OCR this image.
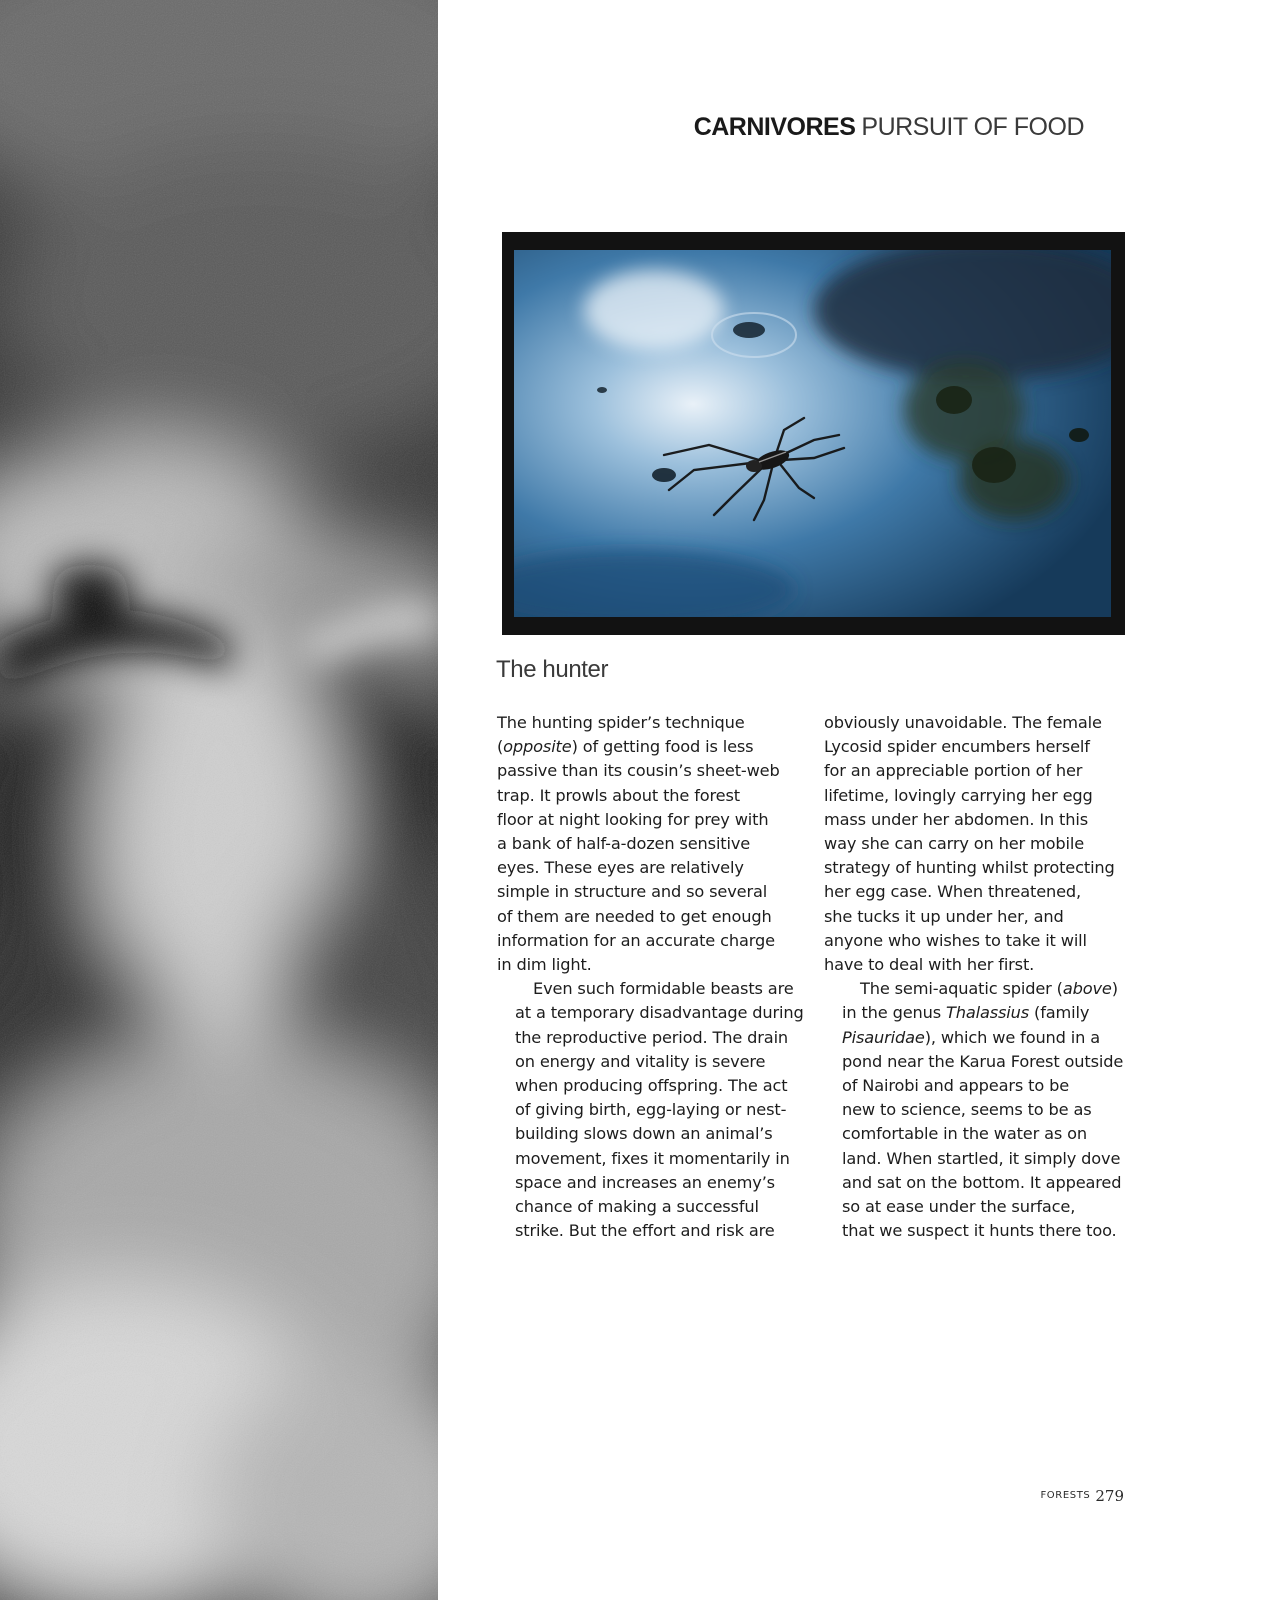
CARNIVORES PURSUIT OF FOOD
The hunter

The hunting spider’s technique
(opposite) of getting food is less
passive than its cousin’s sheet-web
trap. It prowls about the forest
floor at night looking for prey with
a bank of half-a-dozen sensitive
eyes. These eyes are relatively
simple in structure and so several
of them are needed to get enough
information for an accurate charge
in dim light.

Even such formidable beasts are
at a temporary disadvantage during
the reproductive period. The drain
on energy and vitality is severe
when producing offspring. The act
of giving birth, egg-laying or nest-
building slows down an animal’s
movement, fixes it momentarily in
space and increases an enemy’s
chance of making a successful
strike. But the effort and risk are

obviously unavoidable. The female
Lycosid spider encumbers herself
for an appreciable portion of her
lifetime, lovingly carrying her egg
mass under her abdomen. In this
way she can carry on her mobile
strategy of hunting whilst protecting
her egg case. When threatened,
she tucks it up under her, and
anyone who wishes to take it will
have to deal with her first.

The semi-aquatic spider (above)
in the genus Thalassius (family
Pisauridae), which we found in a
pond near the Karua Forest outside
of Nairobi and appears to be
new to science, seems to be as
comfortable in the water as on
land. When startled, it simply dove
and sat on the bottom. It appeared
so at ease under the surface,
that we suspect it hunts there too.

FORESTS 279
